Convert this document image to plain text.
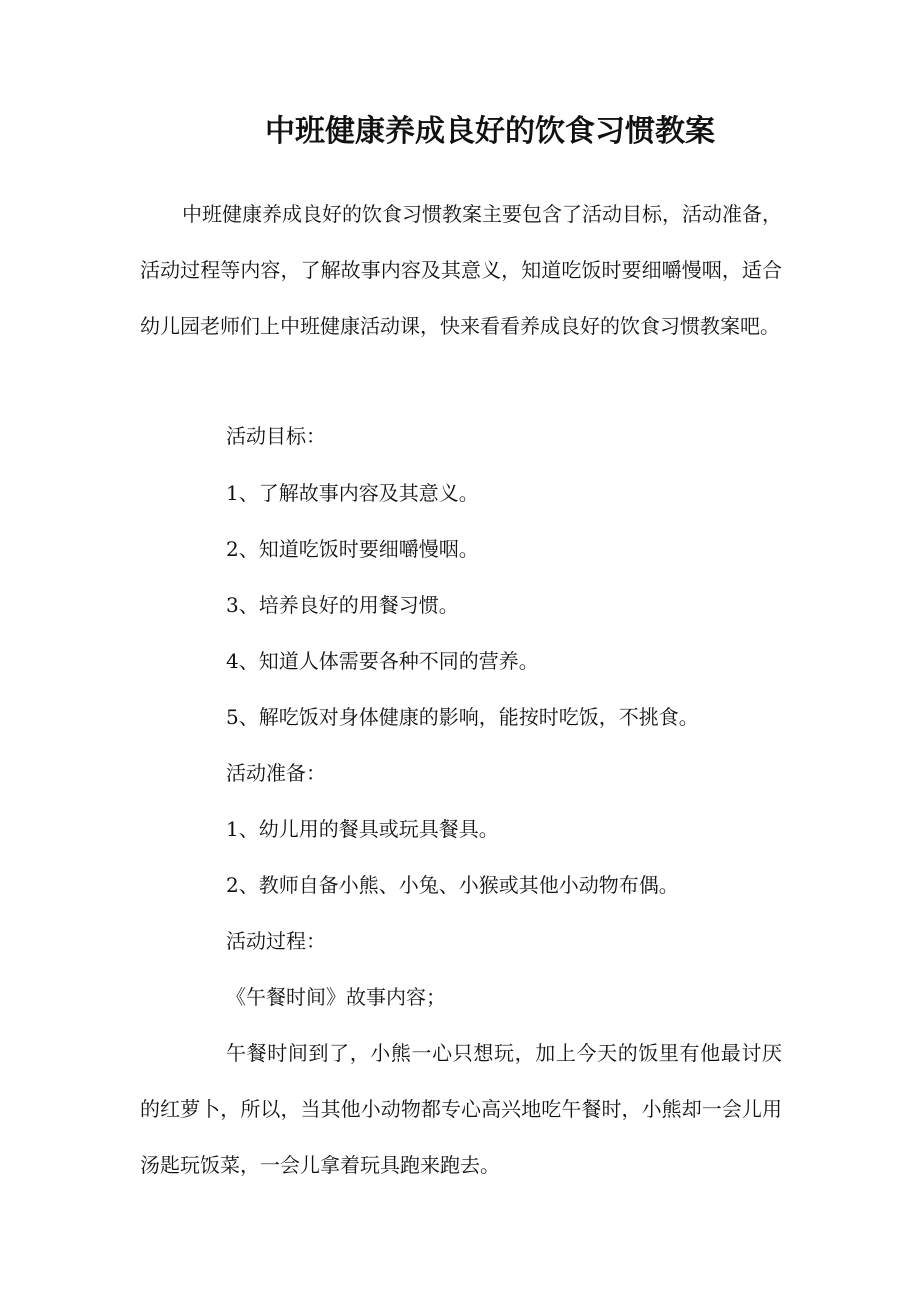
中班健康养成良好的饮食习惯教案

中班健康养成良好的饮食习惯教案主要包含了活动目标，活动准备，活动过程等内容，了解故事内容及其意义，知道吃饭时要细嚼慢咽，适合幼儿园老师们上中班健康活动课，快来看看养成良好的饮食习惯教案吧。

活动目标：

1、了解故事内容及其意义。

2、知道吃饭时要细嚼慢咽。

3、培养良好的用餐习惯。

4、知道人体需要各种不同的营养。

5、解吃饭对身体健康的影响，能按时吃饭，不挑食。

活动准备：

1、幼儿用的餐具或玩具餐具。

2、教师自备小熊、小兔、小猴或其他小动物布偶。

活动过程：

《午餐时间》故事内容；

午餐时间到了，小熊一心只想玩，加上今天的饭里有他最讨厌的红萝卜，所以，当其他小动物都专心高兴地吃午餐时，小熊却一会儿用汤匙玩饭菜，一会儿拿着玩具跑来跑去。
